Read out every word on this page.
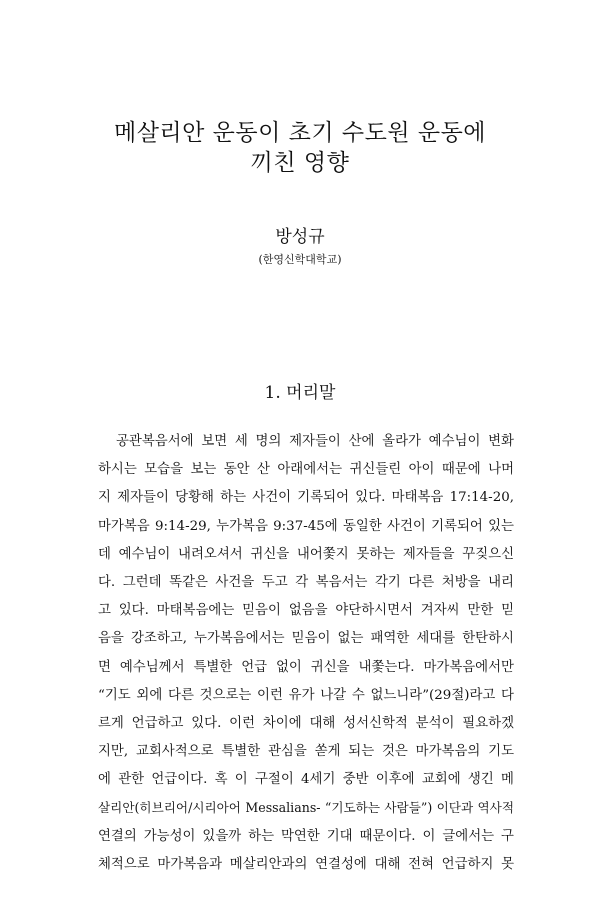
메살리안 운동이 초기 수도원 운동에
끼친 영향
방성규
(한영신학대학교)
1. 머리말
공관복음서에 보면 세 명의 제자들이 산에 올라가 예수님이 변화
하시는 모습을 보는 동안 산 아래에서는 귀신들린 아이 때문에 나머
지 제자들이 당황해 하는 사건이 기록되어 있다. 마태복음 17:14-20,
마가복음 9:14-29, 누가복음 9:37-45에 동일한 사건이 기록되어 있는
데 예수님이 내려오셔서 귀신을 내어쫓지 못하는 제자들을 꾸짖으신
다. 그런데 똑같은 사건을 두고 각 복음서는 각기 다른 처방을 내리
고 있다. 마태복음에는 믿음이 없음을 야단하시면서 겨자씨 만한 믿
음을 강조하고, 누가복음에서는 믿음이 없는 패역한 세대를 한탄하시
면 예수님께서 특별한 언급 없이 귀신을 내쫓는다. 마가복음에서만
“기도 외에 다른 것으로는 이런 유가 나갈 수 없느니라”(29절)라고 다
르게 언급하고 있다. 이런 차이에 대해 성서신학적 분석이 필요하겠
지만, 교회사적으로 특별한 관심을 쏟게 되는 것은 마가복음의 기도
에 관한 언급이다. 혹 이 구절이 4세기 중반 이후에 교회에 생긴 메
살리안(히브리어/시리아어 Messalians- “기도하는 사람들”) 이단과 역사적
연결의 가능성이 있을까 하는 막연한 기대 때문이다. 이 글에서는 구
체적으로 마가복음과 메살리안과의 연결성에 대해 전혀 언급하지 못
